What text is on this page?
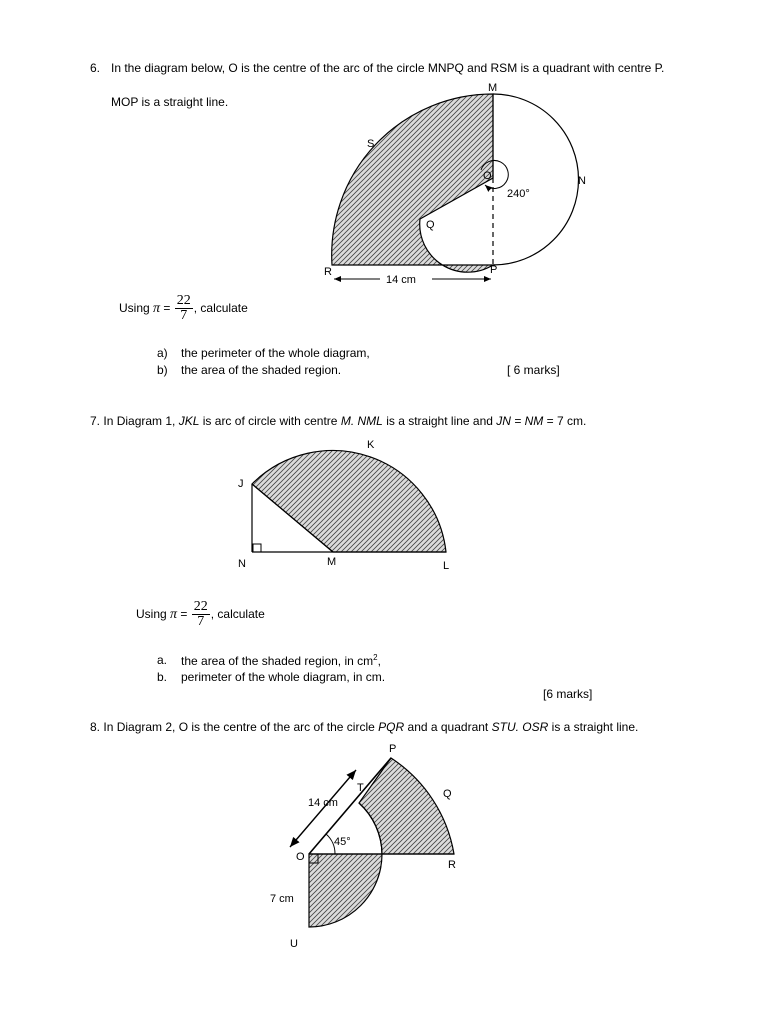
6. In the diagram below, O is the centre of the arc of the circle MNPQ and RSM is a quadrant with centre P.
MOP is a straight line.
14 cm
M
S
N
O
240°
Q
R	P
Using $\pi = \frac{22}{7}$ , calculate
a) the perimeter of the whole diagram,
b) the area of the shaded region.	[ 6 marks]
7. In Diagram 1, JKL is arc of circle with centre M. NML is a straight line and JN = NM = 7 cm.
K
J
N	M	L
Using $\pi = \frac{22}{7}$ , calculate
a. the area of the shaded region, in $cm^2$,
b. perimeter of the whole diagram, in cm.
[6 marks]
8. In Diagram 2, O is the centre of the arc of the circle PQR and a quadrant STU. OSR is a straight line.
P
T	Q
14 cm
45°
O
R
7 cm
U
